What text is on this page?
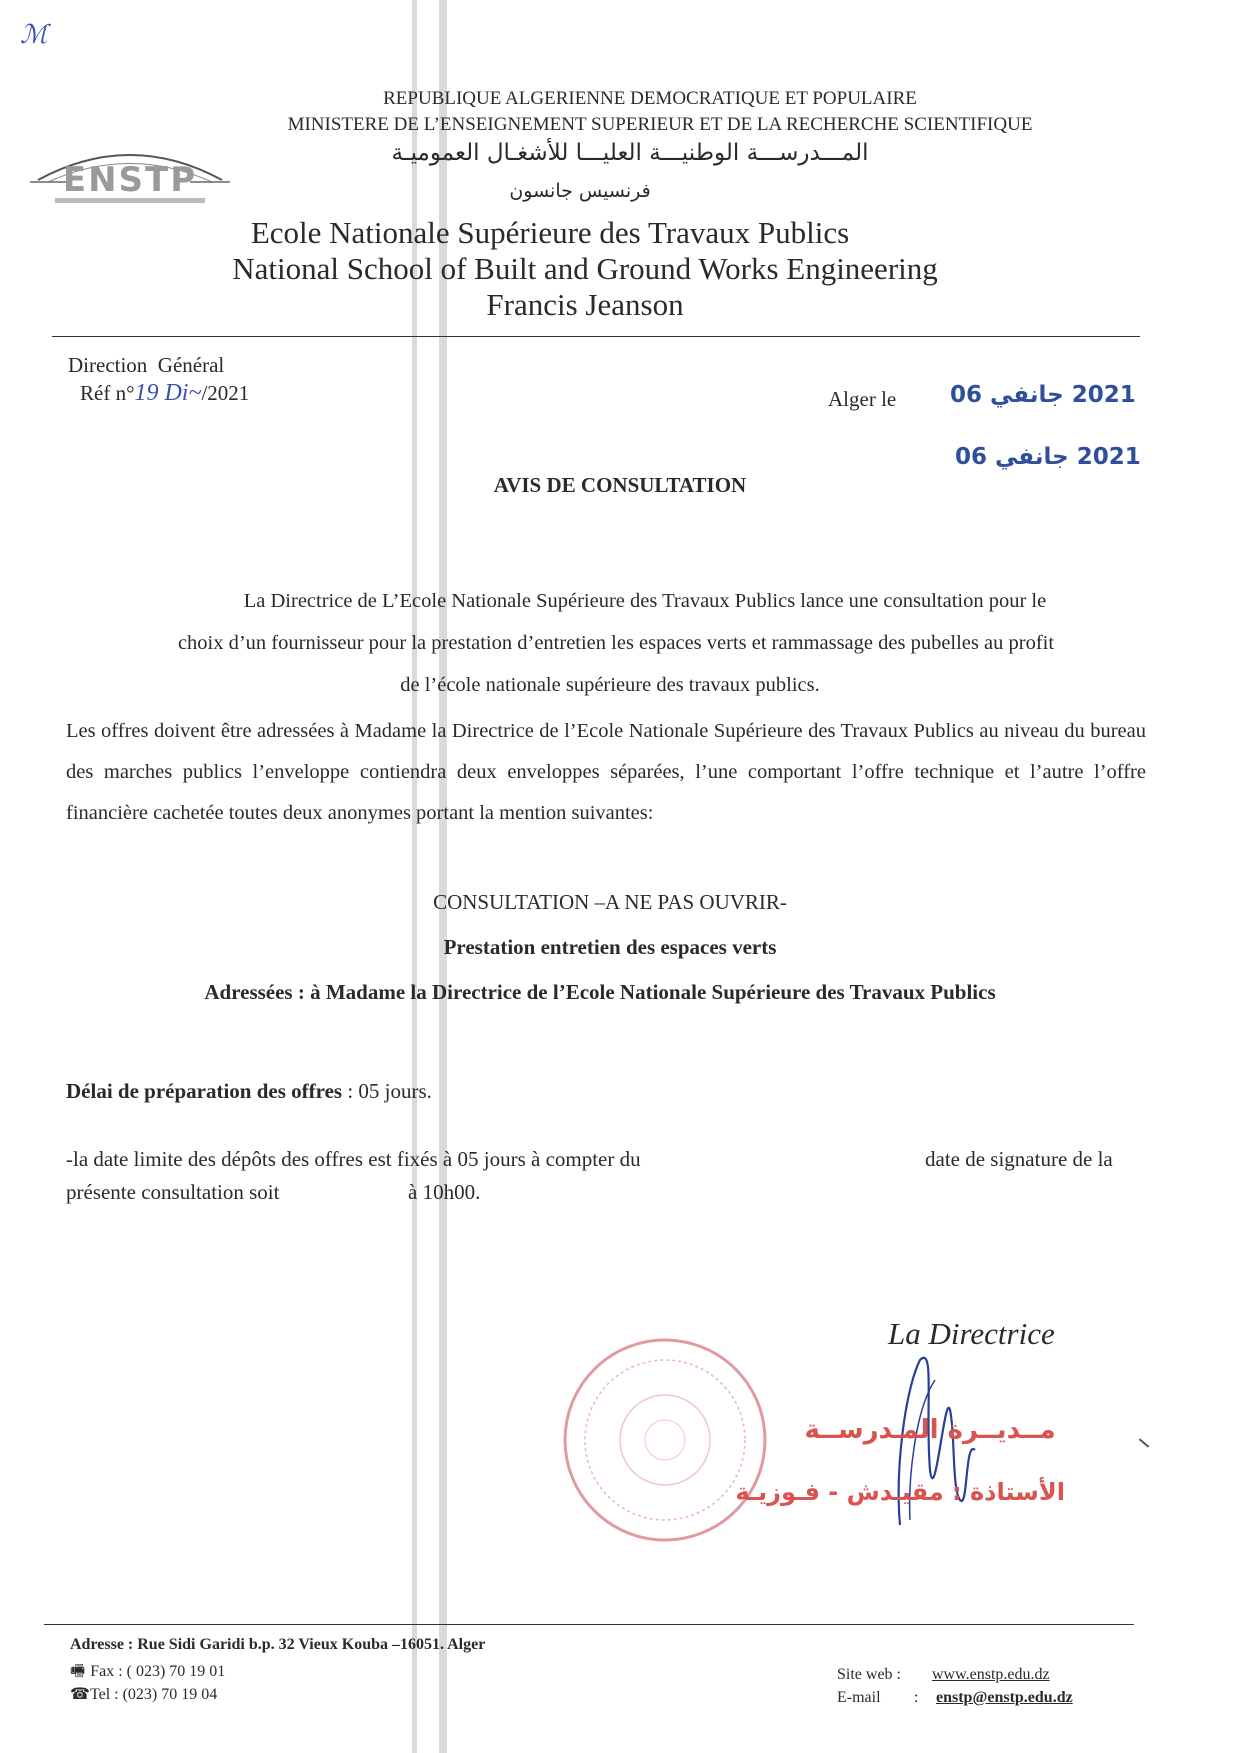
ℳ
REPUBLIQUE ALGERIENNE DEMOCRATIQUE ET POPULAIRE
MINISTERE DE L’ENSEIGNEMENT SUPERIEUR ET DE LA RECHERCHE SCIENTIFIQUE
المـــدرســـة الوطنيـــة العليـــا للأشغـال العموميـة
فرنسيس جانسون
ENSTP
Ecole Nationale Supérieure des Travaux Publics
National School of Built and Ground Works Engineering
Francis Jeanson
Direction  Général
Réf n°19 Di~/2021	Alger le 2021 جانفي 06
2021 جانفي 06
AVIS DE CONSULTATION
La Directrice de L’Ecole Nationale Supérieure des Travaux Publics lance une consultation pour le
choix d’un fournisseur pour la prestation d’entretien les espaces verts et rammassage des pubelles au profit
de l’école nationale supérieure des travaux publics.
Les offres doivent être adressées à Madame la Directrice de l’Ecole Nationale Supérieure des Travaux Publics au niveau du bureau des marches publics l’enveloppe contiendra deux enveloppes séparées, l’une comportant l’offre technique et l’autre l’offre financière cachetée toutes deux anonymes portant la mention suivantes:
CONSULTATION –A NE PAS OUVRIR-
Prestation entretien des espaces verts
Adressées : à Madame la Directrice de l’Ecole Nationale Supérieure des Travaux Publics
Délai de préparation des offres : 05 jours.
-la date limite des dépôts des offres est fixés à 05 jours à compter du	date de signature de la
présente consultation soit	à 10h00.
La Directrice
مــديــرة المـدرســة
الأستاذة : مقيـدش - فـوزيـة
Adresse : Rue Sidi Garidi b.p. 32 Vieux Kouba –16051. Alger
🖷 Fax : ( 023) 70 19 01
☎Tel : (023) 70 19 04
Site web : www.enstp.edu.dz
E-mail : enstp@enstp.edu.dz
